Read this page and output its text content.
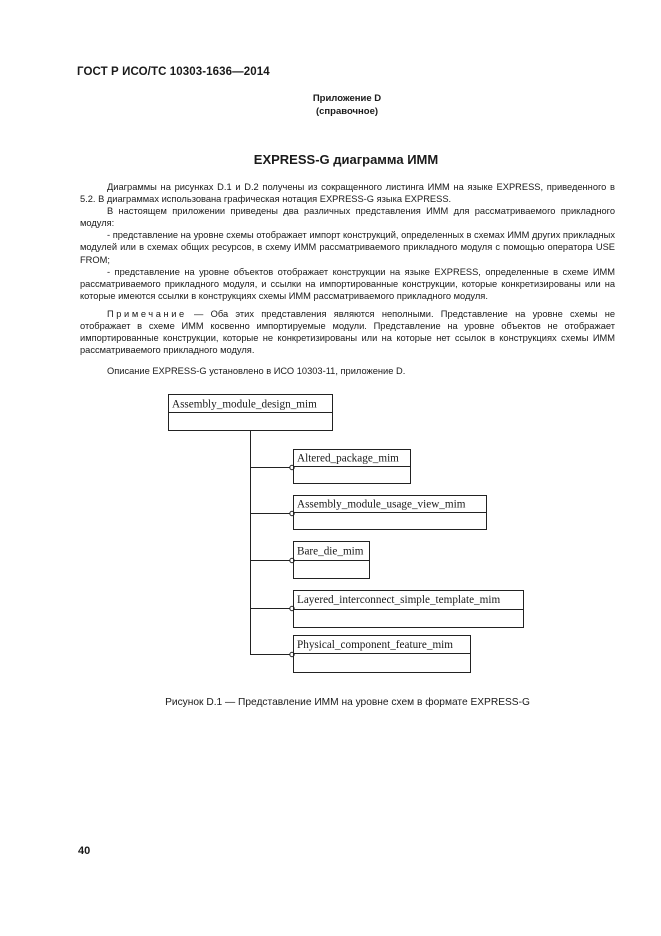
ГОСТ Р ИСО/ТС 10303-1636—2014
Приложение D
(справочное)
EXPRESS-G диаграмма ИММ

Диаграммы на рисунках D.1 и D.2 получены из сокращенного листинга ИММ на языке EXPRESS, приведенного в 5.2. В диаграммах использована графическая нотация EXPRESS-G языка EXPRESS.

В настоящем приложении приведены два различных представления ИММ для рассматриваемого прикладного модуля:

- представление на уровне схемы отображает импорт конструкций, определенных в схемах ИММ других прикладных модулей или в схемах общих ресурсов, в схему ИММ рассматриваемого прикладного модуля с помощью оператора USE FROM;

- представление на уровне объектов отображает конструкции на языке EXPRESS, определенные в схеме ИММ рассматриваемого прикладного модуля, и ссылки на импортированные конструкции, которые конкретизированы или на которые имеются ссылки в конструкциях схемы ИММ рассматриваемого прикладного модуля.

Примечание — Оба этих представления являются неполными. Представление на уровне схемы не отображает в схеме ИММ косвенно импортируемые модули. Представление на уровне объектов не отображает импортированные конструкции, которые не конкретизированы или на которые нет ссылок в конструкциях схемы ИММ рассматриваемого прикладного модуля.

Описание EXPRESS-G установлено в ИСО 10303-11, приложение D.

Assembly_module_design_mim
Altered_package_mim
Assembly_module_usage_view_mim
Bare_die_mim
Layered_interconnect_simple_template_mim
Physical_component_feature_mim
Рисунок D.1 — Представление ИММ на уровне схем в формате EXPRESS-G
40
